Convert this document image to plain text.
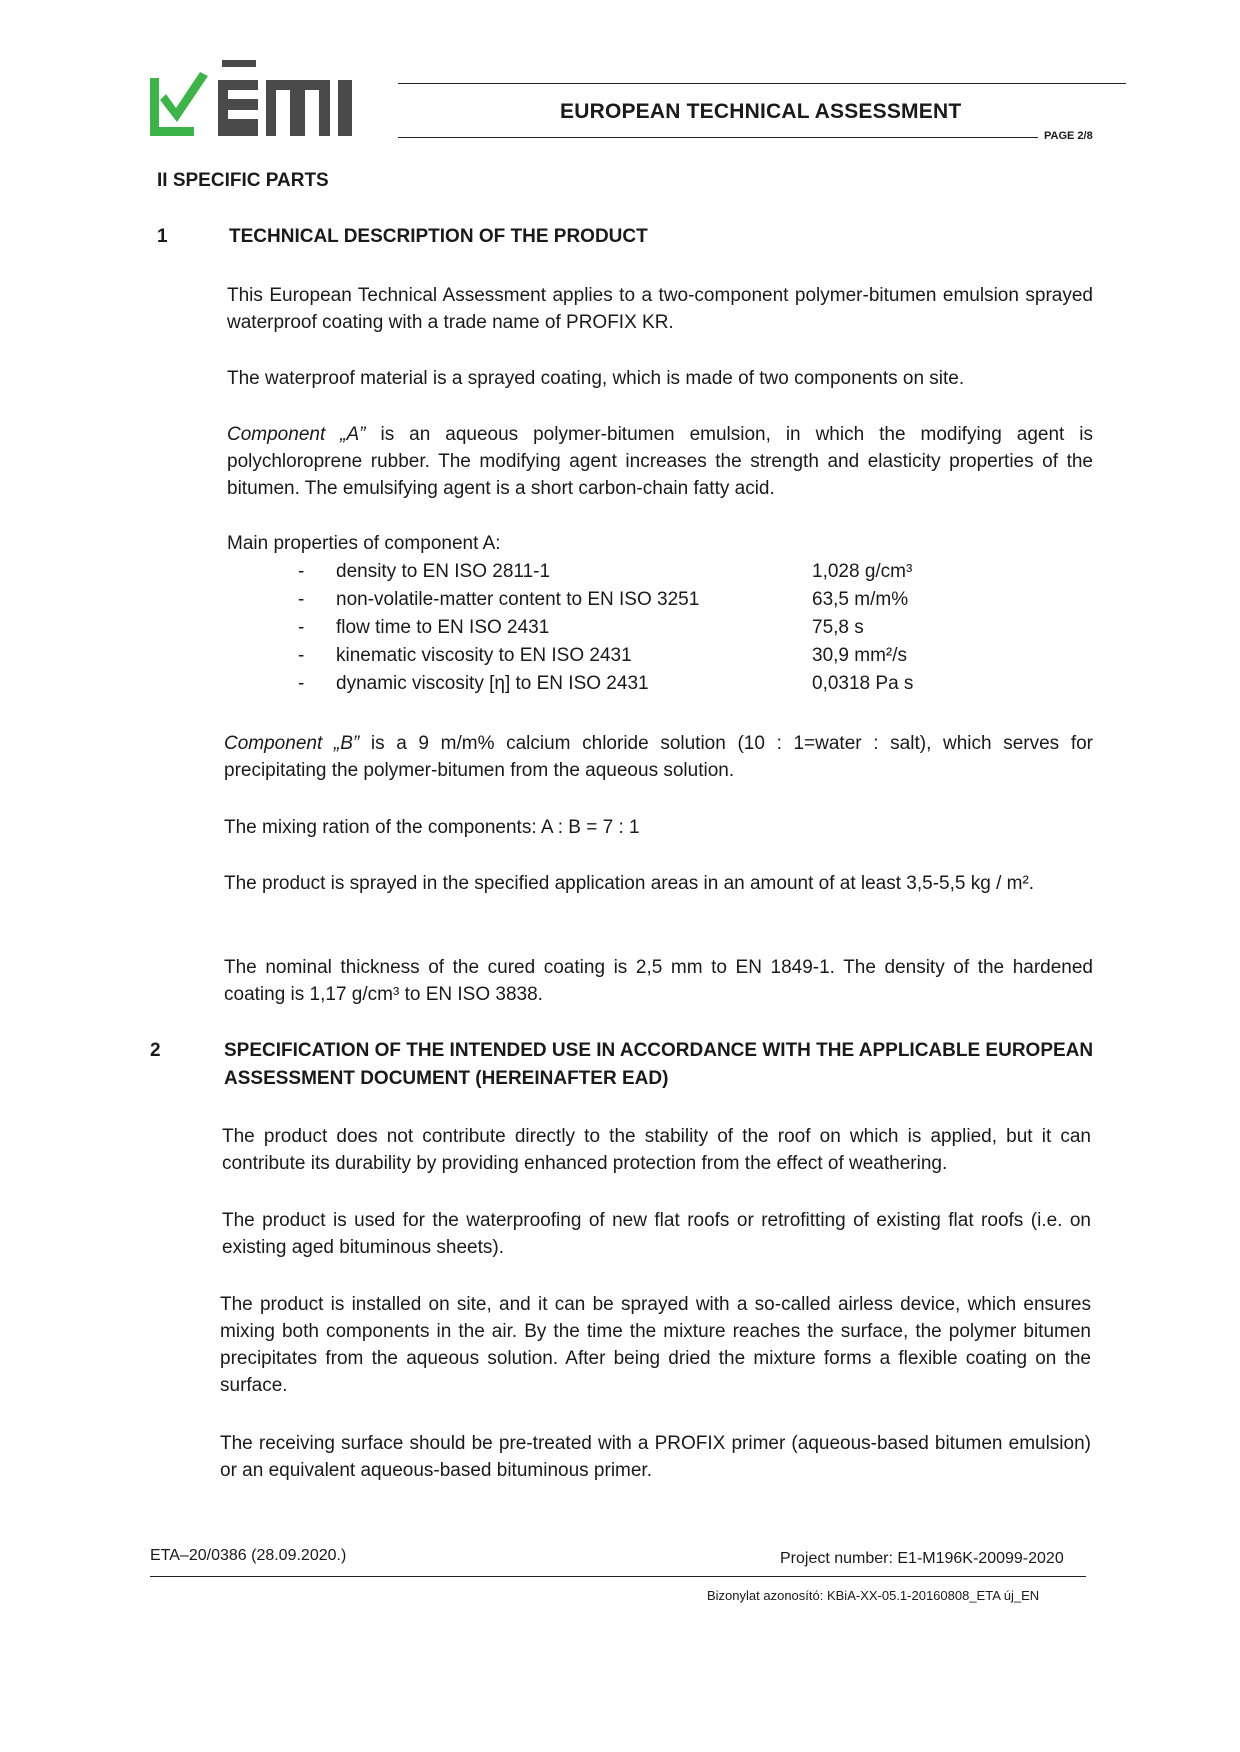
EUROPEAN TECHNICAL ASSESSMENT
PAGE 2/8
II SPECIFIC PARTS
1	TECHNICAL DESCRIPTION OF THE PRODUCT

This European Technical Assessment applies to a two-component polymer-bitumen emulsion sprayed waterproof coating with a trade name of PROFIX KR.

The waterproof material is a sprayed coating, which is made of two components on site.

Component „A” is an aqueous polymer-bitumen emulsion, in which the modifying agent is polychloroprene rubber. The modifying agent increases the strength and elasticity properties of the bitumen. The emulsifying agent is a short carbon-chain fatty acid.

Main properties of component A:
- density to EN ISO 2811-1	1,028 g/cm³
- non-volatile-matter content to EN ISO 3251	63,5 m/m%
- flow time to EN ISO 2431	75,8 s
- kinematic viscosity to EN ISO 2431	30,9 mm²/s
- dynamic viscosity [η] to EN ISO 2431	0,0318 Pa s

Component „B” is a 9 m/m% calcium chloride solution (10 : 1=water : salt), which serves for precipitating the polymer-bitumen from the aqueous solution.

The mixing ration of the components: A : B = 7 : 1

The product is sprayed in the specified application areas in an amount of at least 3,5-5,5 kg / m².

The nominal thickness of the cured coating is 2,5 mm to EN 1849-1. The density of the hardened coating is 1,17 g/cm³ to EN ISO 3838.

2	SPECIFICATION OF THE INTENDED USE IN ACCORDANCE WITH THE APPLICABLE EUROPEAN
ASSESSMENT DOCUMENT (HEREINAFTER EAD)

The product does not contribute directly to the stability of the roof on which is applied, but it can contribute its durability by providing enhanced protection from the effect of weathering.

The product is used for the waterproofing of new flat roofs or retrofitting of existing flat roofs (i.e. on existing aged bituminous sheets).

The product is installed on site, and it can be sprayed with a so-called airless device, which ensures mixing both components in the air. By the time the mixture reaches the surface, the polymer bitumen precipitates from the aqueous solution. After being dried the mixture forms a flexible coating on the surface.

The receiving surface should be pre-treated with a PROFIX primer (aqueous-based bitumen emulsion) or an equivalent aqueous-based bituminous primer.

ETA–20/0386 (28.09.2020.)	Project number: E1-M196K-20099-2020
Bizonylat azonosító: KBiA-XX-05.1-20160808_ETA új_EN
